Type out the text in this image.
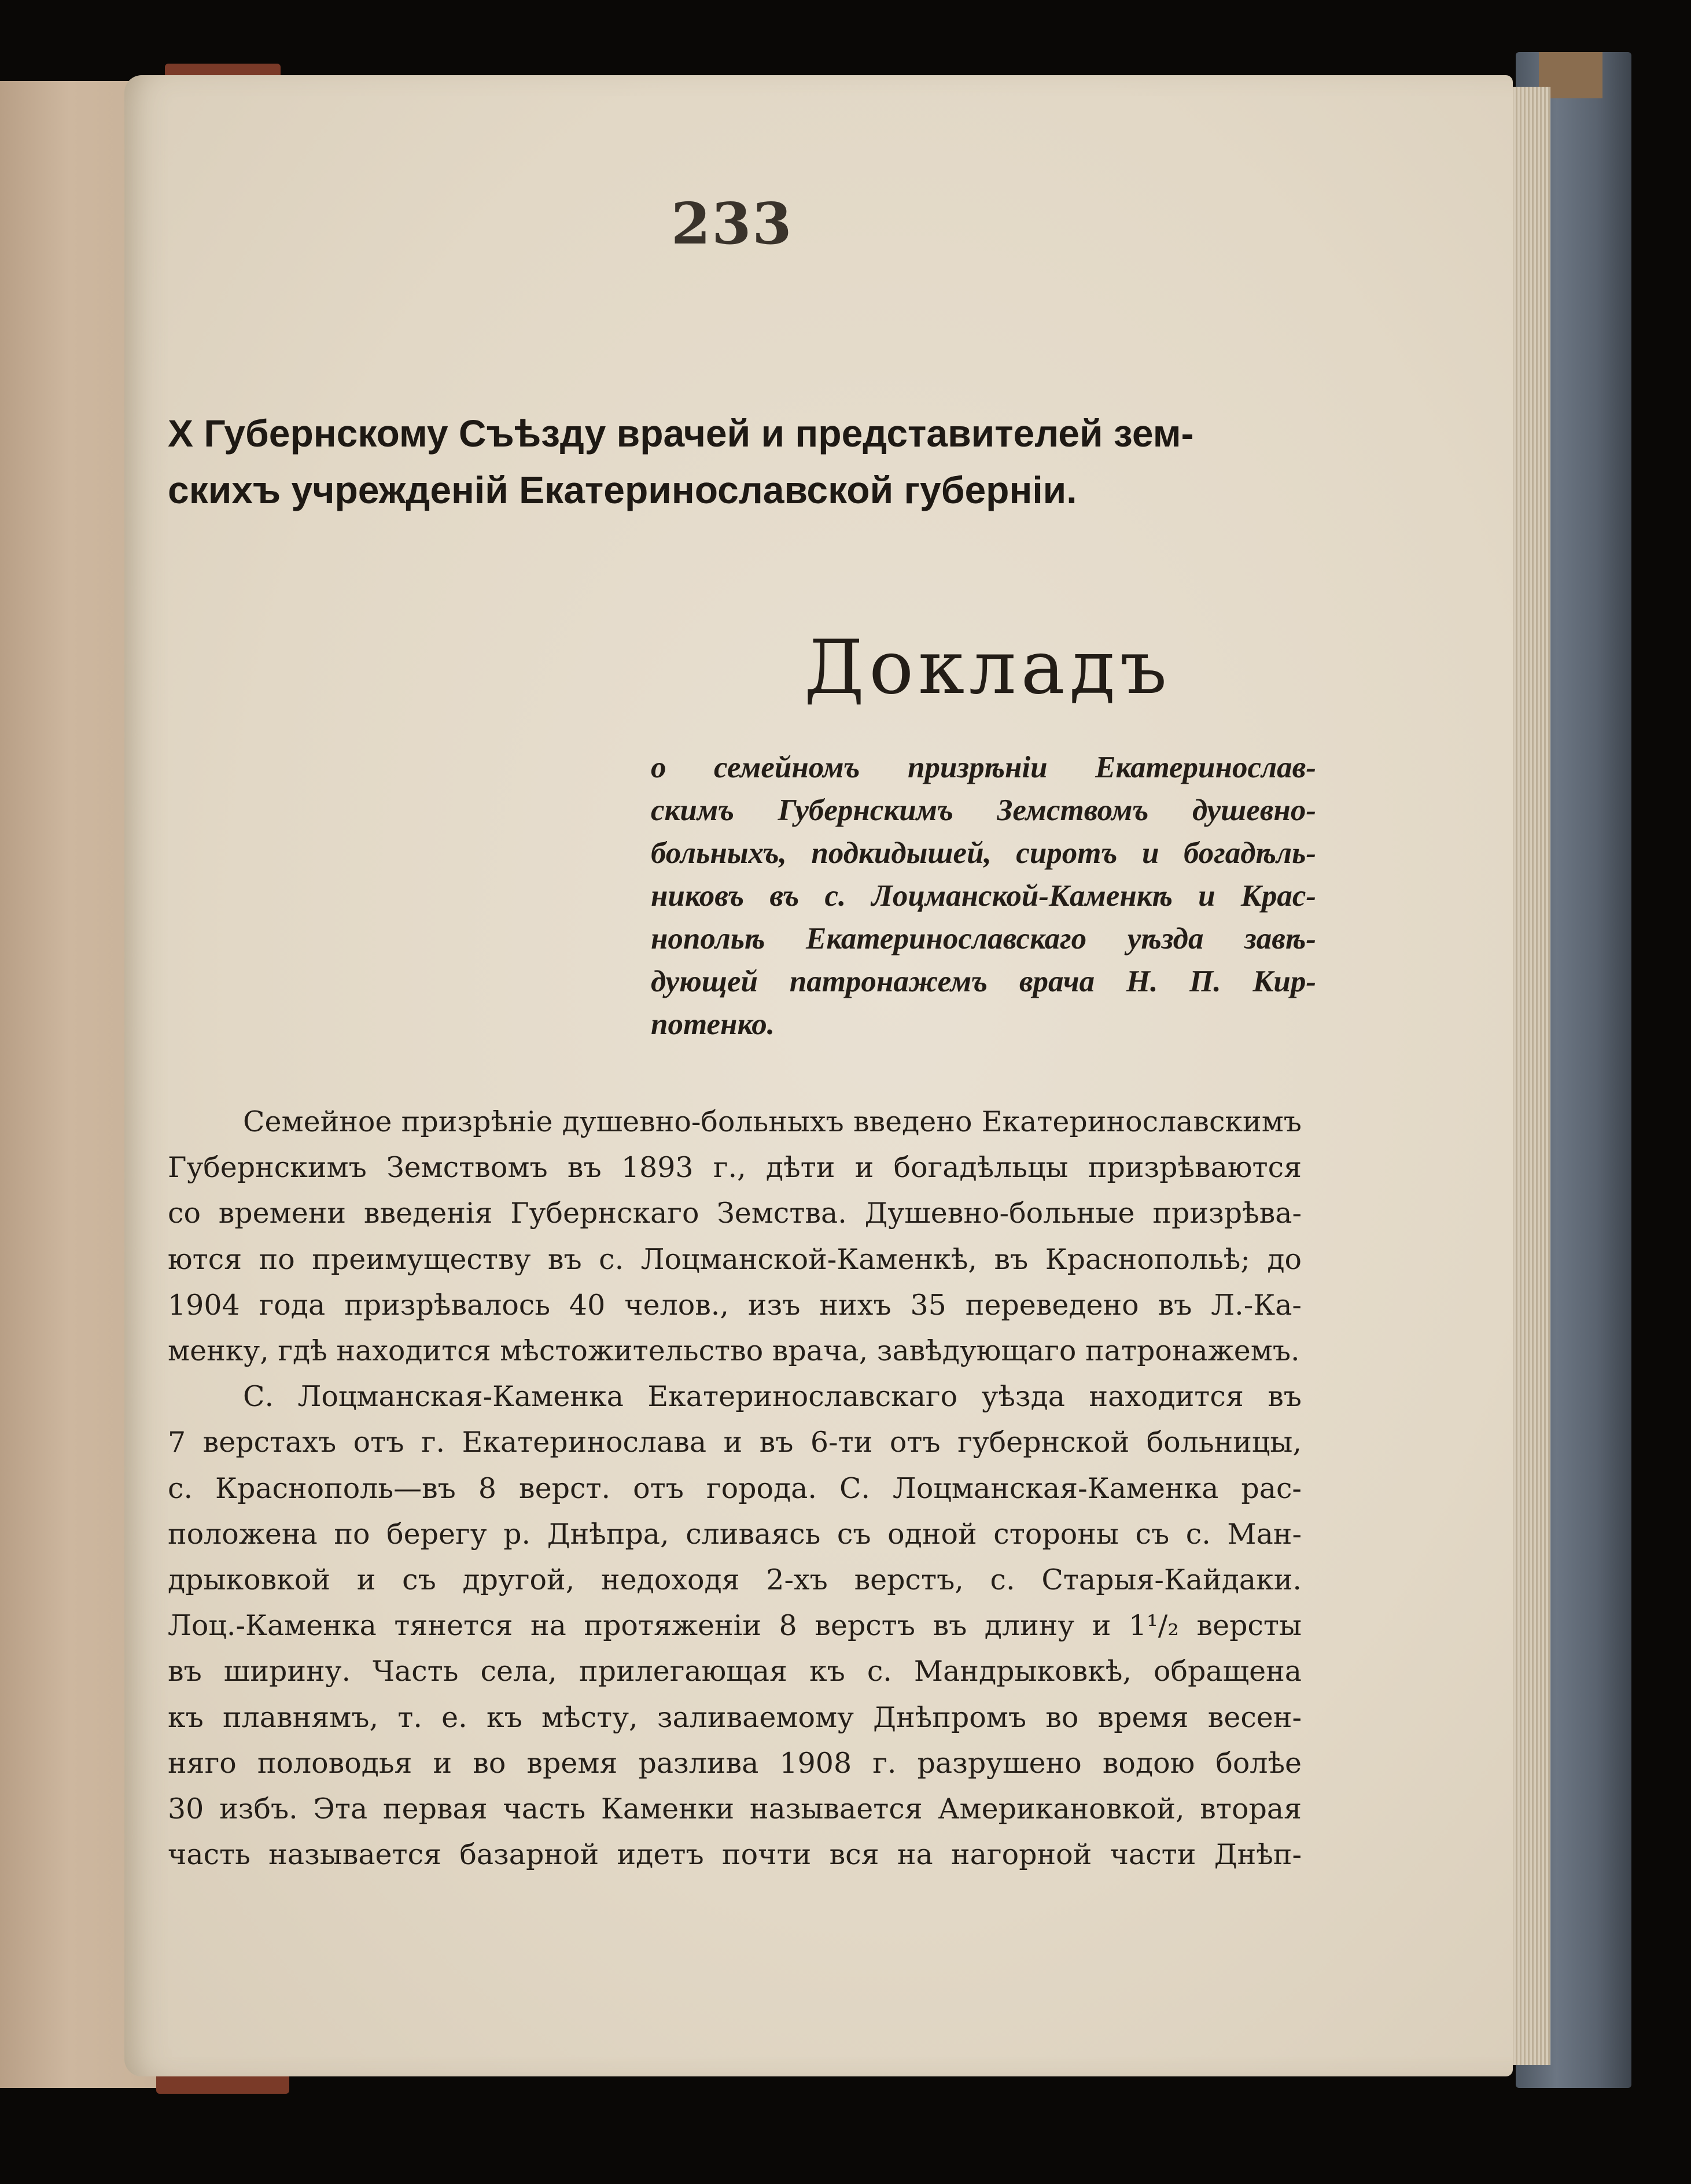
233
X Губернскому Съѣзду врачей и представителей зем-
скихъ учрежденій Екатеринославской губерніи.
Докладъ
о семейномъ призрѣніи Екатеринослав-
скимъ Губернскимъ Земствомъ душевно-
больныхъ, подкидышей, сиротъ и богадѣль-
никовъ въ с. Лоцманской-Каменкѣ и Крас-
нопольѣ Екатеринославскаго уѣзда завѣ-
дующей патронажемъ врача Н. П. Кир-
потенко.
Семейное призрѣніе душевно-больныхъ введено Екатеринославскимъ
Губернскимъ Земствомъ въ 1893 г., дѣти и богадѣльцы призрѣваются
со времени введенія Губернскаго Земства. Душевно-больные призрѣва-
ются по преимуществу въ с. Лоцманской-Каменкѣ, въ Краснопольѣ; до
1904 года призрѣвалось 40 челов., изъ нихъ 35 переведено въ Л.-Ка-
менку, гдѣ находится мѣстожительство врача, завѣдующаго патронажемъ.
С. Лоцманская-Каменка Екатеринославскаго уѣзда находится въ
7 верстахъ отъ г. Екатеринослава и въ 6-ти отъ губернской больницы,
с. Краснополь—въ 8 верст. отъ города. С. Лоцманская-Каменка рас-
положена по берегу р. Днѣпра, сливаясь съ одной стороны съ с. Ман-
дрыковкой и съ другой, недоходя 2-хъ верстъ, с. Старыя-Кайдаки.
Лоц.-Каменка тянется на протяженіи 8 верстъ въ длину и 1¹/₂ версты
въ ширину. Часть села, прилегающая къ с. Мандрыковкѣ, обращена
къ плавнямъ, т. е. къ мѣсту, заливаемому Днѣпромъ во время весен-
няго половодья и во время разлива 1908 г. разрушено водою болѣе
30 избъ. Эта первая часть Каменки называется Американовкой, вторая
часть называется базарной идетъ почти вся на нагорной части Днѣп-
